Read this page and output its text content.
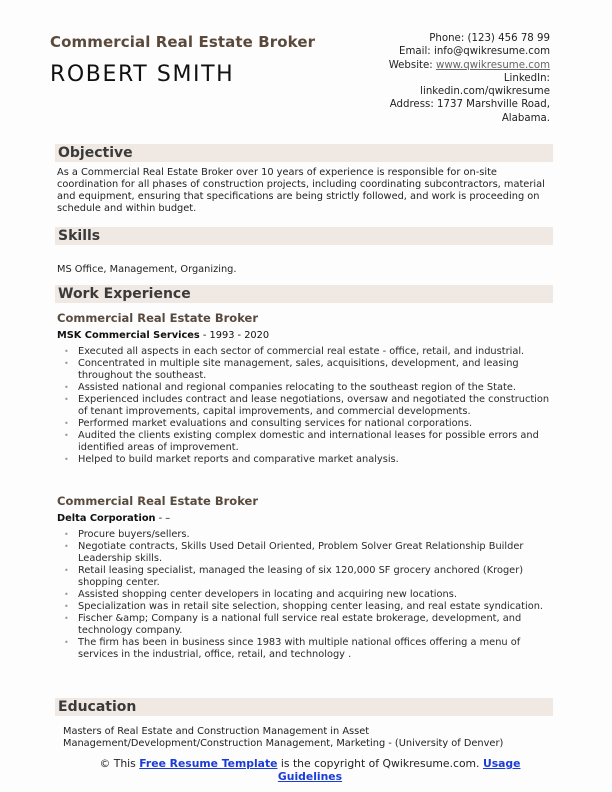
Commercial Real Estate Broker
ROBERT SMITH
Phone: (123) 456 78 99
Email: info@qwikresume.com
Website: www.qwikresume.com
LinkedIn:
linkedin.com/qwikresume
Address: 1737 Marshville Road,
Alabama.
Objective
As a Commercial Real Estate Broker over 10 years of experience is responsible for on-site coordination for all phases of construction projects, including coordinating subcontractors, material and equipment, ensuring that specifications are being strictly followed, and work is proceeding on schedule and within budget.
Skills
MS Office, Management, Organizing.
Work Experience
Commercial Real Estate Broker
MSK Commercial Services - 1993 - 2020
• Executed all aspects in each sector of commercial real estate - office, retail, and industrial.
• Concentrated in multiple site management, sales, acquisitions, development, and leasing throughout the southeast.
• Assisted national and regional companies relocating to the southeast region of the State.
• Experienced includes contract and lease negotiations, oversaw and negotiated the construction of tenant improvements, capital improvements, and commercial developments.
• Performed market evaluations and consulting services for national corporations.
• Audited the clients existing complex domestic and international leases for possible errors and identified areas of improvement.
• Helped to build market reports and comparative market analysis.
Commercial Real Estate Broker
Delta Corporation - –
• Procure buyers/sellers.
• Negotiate contracts, Skills Used Detail Oriented, Problem Solver Great Relationship Builder Leadership skills.
• Retail leasing specialist, managed the leasing of six 120,000 SF grocery anchored (Kroger) shopping center.
• Assisted shopping center developers in locating and acquiring new locations.
• Specialization was in retail site selection, shopping center leasing, and real estate syndication.
• Fischer &amp; Company is a national full service real estate brokerage, development, and technology company.
• The firm has been in business since 1983 with multiple national offices offering a menu of services in the industrial, office, retail, and technology .
Education
Masters of Real Estate and Construction Management in Asset Management/Development/Construction Management, Marketing - (University of Denver)
© This Free Resume Template is the copyright of Qwikresume.com. Usage Guidelines
